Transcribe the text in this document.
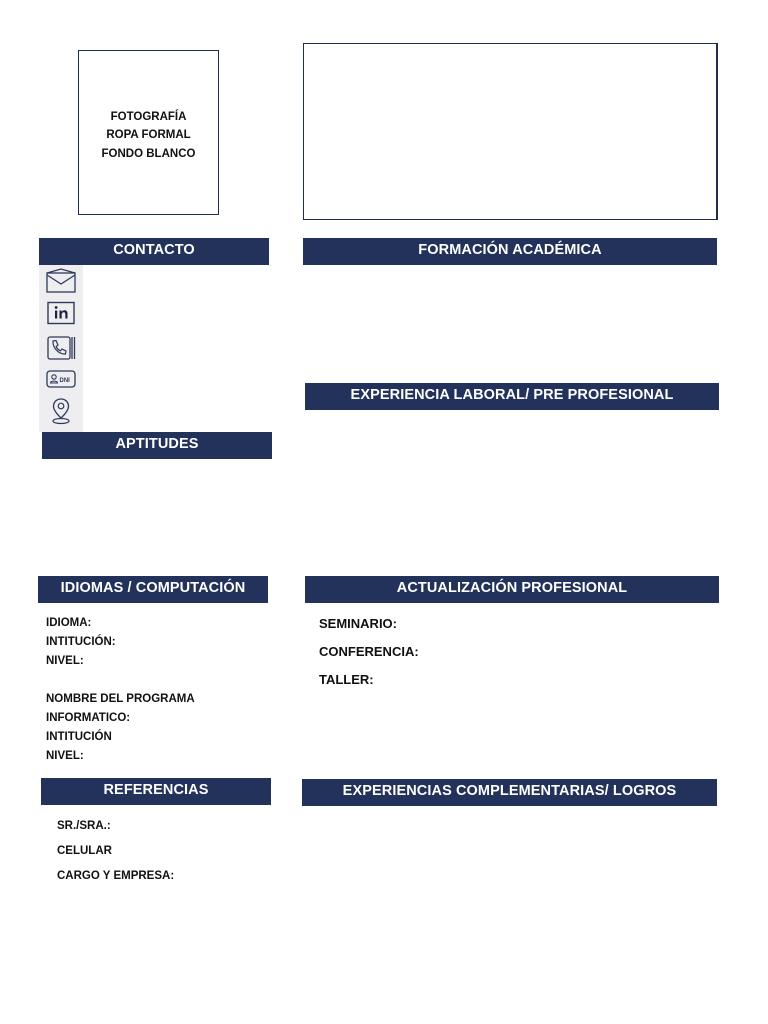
FOTOGRAFÍA
ROPA FORMAL
FONDO BLANCO
CONTACTO	FORMACIÓN ACADÉMICA
EXPERIENCIA LABORAL/ PRE PROFESIONAL
APTITUDES
IDIOMAS / COMPUTACIÓN	ACTUALIZACIÓN PROFESIONAL
REFERENCIAS	EXPERIENCIAS COMPLEMENTARIAS/ LOGROS
DNI
IDIOMA:
INTITUCIÓN:
NIVEL:
NOMBRE DEL PROGRAMA
INFORMATICO:
INTITUCIÓN
NIVEL:
SEMINARIO:
CONFERENCIA:
TALLER:
SR./SRA.:
CELULAR
CARGO Y EMPRESA:
